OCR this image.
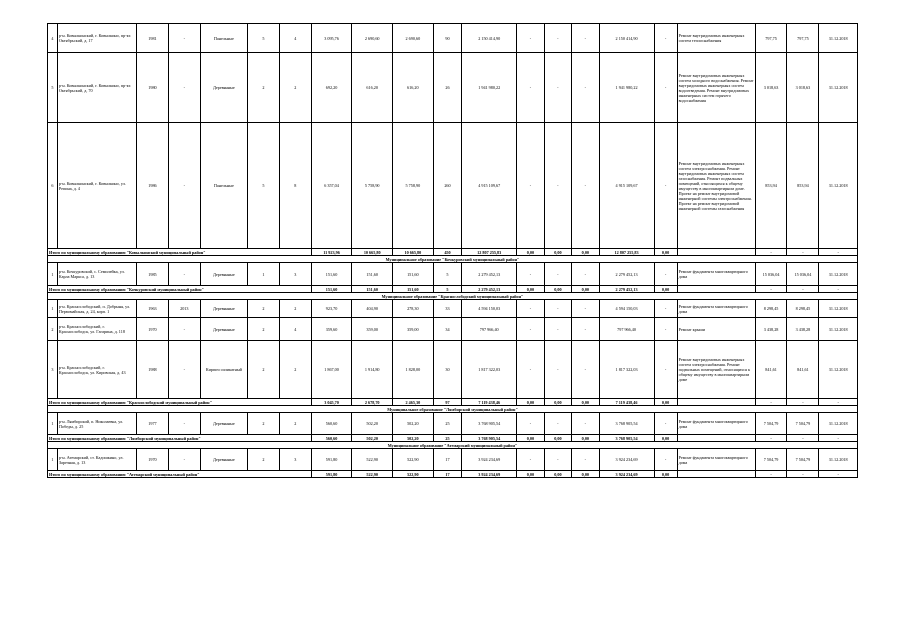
4	р-н. Ковылкинский, г. Ковылкино, пр-кт. Октябрьский, д. 17	1981	-	Панельные	5	4	3 095,76	2 690,60	2 690,60	90	2 150 414,90	-	-	-	2 150 414,90	-	Ремонт внутридомовых инженерных систем теплоснабжения	797,75	797,75	31.12.2018
5	р-н. Ковылкинский, г. Ковылкино, пр-кт. Октябрьский, д. 70	1980	-	Деревянные	2	2	692,20	616,20	616,20	26	1 941 980,22	-	-	-	1 941 980,22	-	Ремонт внутридомовых инженерных систем холодного водоснабжения. Ремонт внутридомовых инженерных систем водоотведения. Ремонт внутридомовых инженерных систем горячего водоснабжения	3 018,63	3 018,63	31.12.2018
6	р-н. Ковылкинский, г. Ковылкино, ул. Репина, д. 4	1986	-	Панельные	5	8	6 357,04	5 758,90	5 758,90	260	4 915 109,67	-	-	-	4 915 109,67	-	Ремонт внутридомовых инженерных систем электроснабжения. Ремонт внутридомовых инженерных систем газоснабжения. Ремонт подвальных помещений, относящихся к общему имуществу в многоквартирном доме. Проект на ремонт внутридомовой инженерной системы электроснабжения. Проект на ремонт внутридомовой инженерной системы газоснабжения	853,94	853,94	31.12.2018
Итого по муниципальному образованию "Ковылкинский муниципальный район"							11 923,96	10 665,80	10 665,80	450	12 807 255,83	0,00	0,00	0,00	12 807 255,83	0,00		-	-	-
Муниципальное образование "Кочкуровский муниципальный район"																				
1	р-н. Кочкуровский, с. Семилейка, ул. Карла Маркса, д. 13	1985	-	Деревянные	1	3	151,60	151,60	151,60	5	2 279 452,13	-	-	-	2 279 452,13	-	Ремонт фундамента многоквартирного дома	15 036,04	15 036,04	31.12.2018
Итого по муниципальному образованию "Кочкуровский муниципальный район"							151,60	151,60	151,60	5	2 279 452,13	0,00	0,00	0,00	2 279 452,13	0,00		-	-	-
Муниципальное образование "Краснослободский муниципальный район"																				
1	р-н. Краснослободский, п. Добрыня, ул. Первомайская, д. 24, корп. 1	1963	2013	Деревянные	2	2	923,70	404,90	278,30	33	4 594 150,03	-	-	-	4 594 150,03	-	Ремонт фундамента многоквартирного дома	8 298,45	8 298,45	31.12.2018
2	р-н. Краснослободский, г. Краснослободск, ул. Гагарина, д. 118	1970	-	Деревянные	2	4	359,60	359,00	359,00	34	797 966,40	-	-	-	797 966,40	-	Ремонт крыши	3 438,28	3 438,28	31.12.2018
3	р-н. Краснослободский, г. Краснослободск, ул. Кировская, д. 43	1988	-	Кирпич силикатный	2	2	1 867,00	1 914,80	1 828,00	30	1 817 322,03	-	-	-	1 817 322,03	-	Ремонт внутридомовых инженерных систем электроснабжения. Ремонт подвальных помещений, относящихся к общему имуществу в многоквартирном доме	841,61	841,61	31.12.2018
Итого по муниципальному образованию "Краснослободский муниципальный район"							3 045,70	2 678,70	2 465,30	97	7 119 438,46	0,00	0,00	0,00	7 119 438,46	0,00		-	-	-
Муниципальное образование "Лямбирский муниципальный район"																				
1	р-н. Лямбирский, п. Николаевка, ул. Победы, д. 25	1977	-	Деревянные	2	2	560,60	502,20	502,20	25	3 768 905,54	-	-	-	3 768 905,54	-	Ремонт фундамента многоквартирного дома	7 504,79	7 504,79	31.12.2018
Итого по муниципальному образованию "Лямбирский муниципальный район"							560,60	502,20	502,20	25	3 768 905,54	0,00	0,00	0,00	3 768 905,54	0,00		-	-	-
Муниципальное образование "Атемарский муниципальный район"																				
1	р-н. Атемарский, ст. Кадошкино, ул. Заречная, д. 13	1970	-	Деревянные	2	3	591,80	522,90	522,90	17	3 924 234,69	-	-	-	3 924 234,69	-	Ремонт фундамента многоквартирного дома	7 504,79	7 504,79	31.12.2018
Итого по муниципальному образованию "Атемарский муниципальный район"							591,80	522,90	522,90	17	3 924 234,69	0,00	0,00	0,00	3 924 234,69	0,00		-	-	-
